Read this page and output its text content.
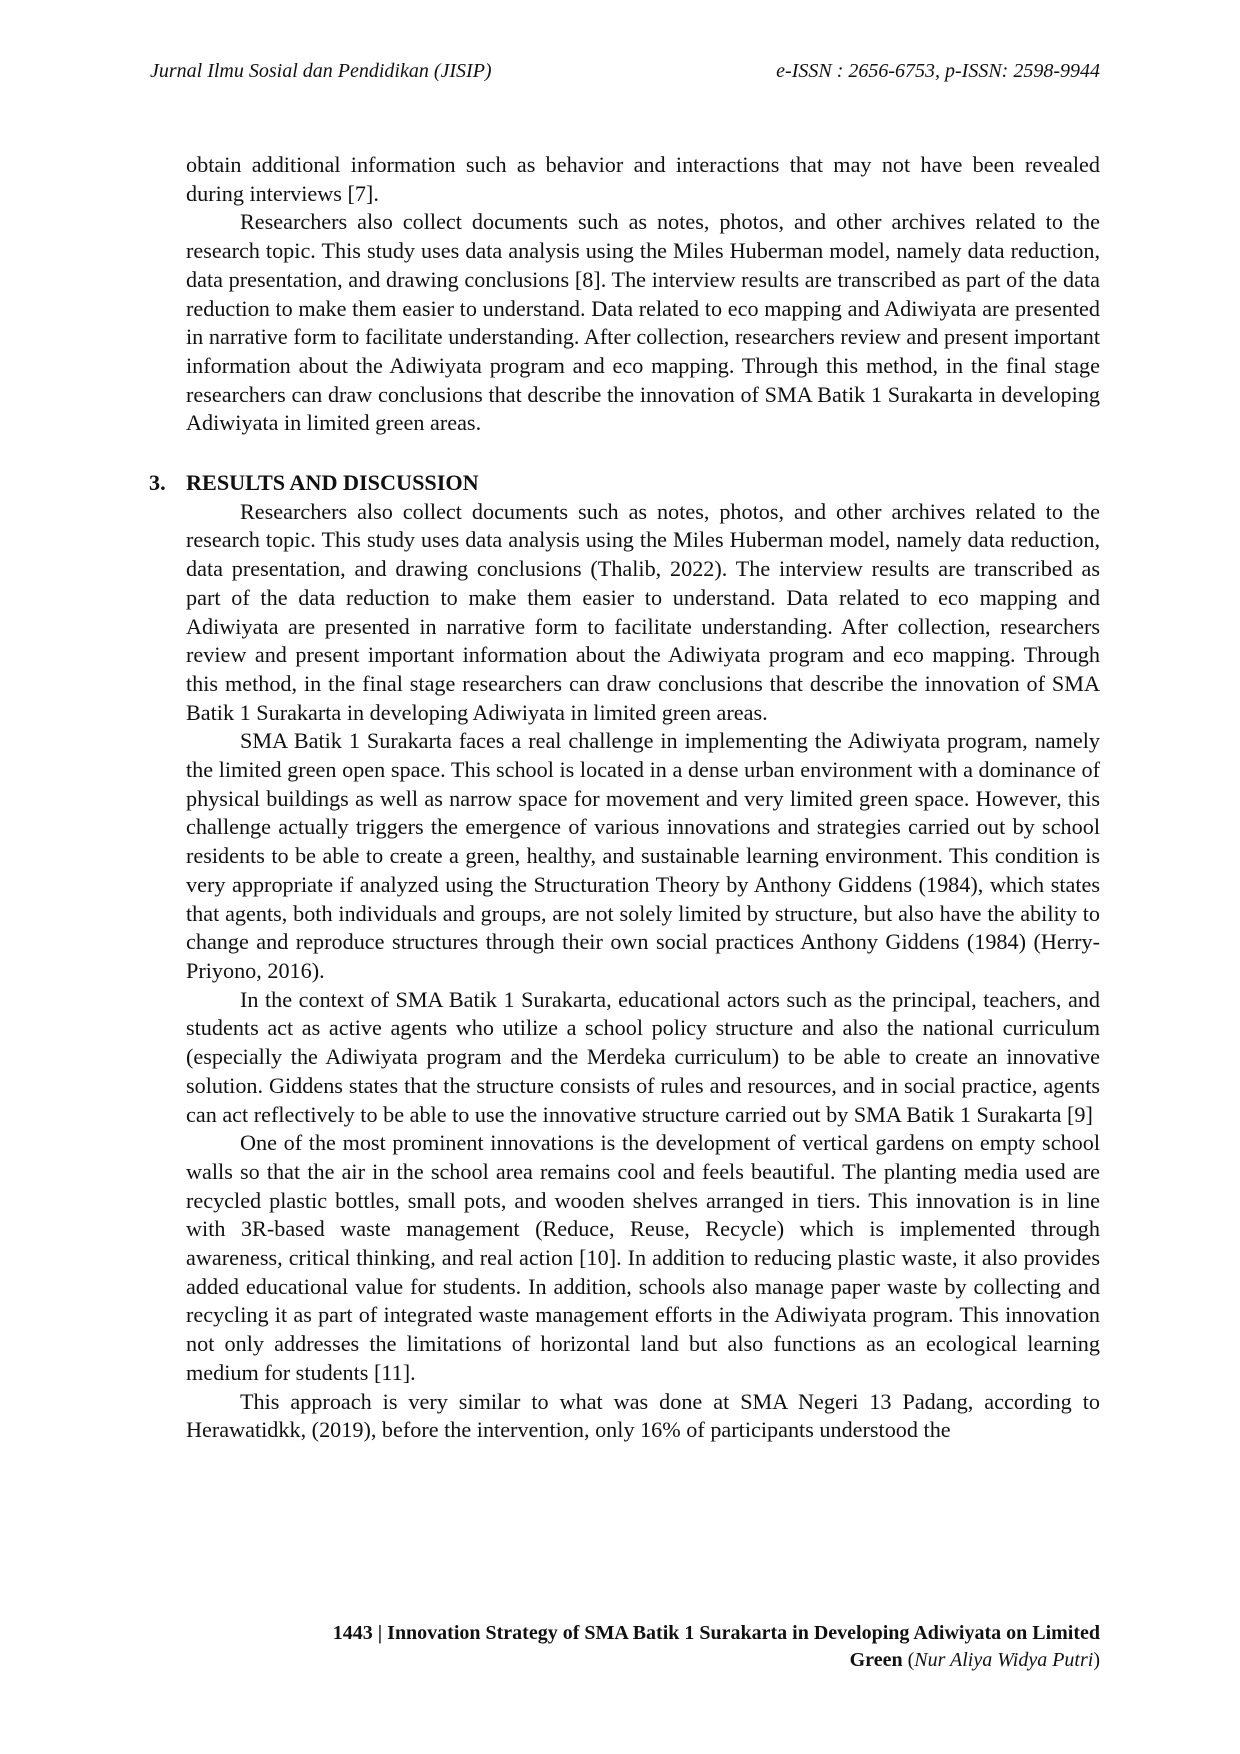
Jurnal Ilmu Sosial dan Pendidikan (JISIP)	e-ISSN : 2656-6753, p-ISSN: 2598-9944

obtain additional information such as behavior and interactions that may not have been revealed during interviews [7].

Researchers also collect documents such as notes, photos, and other archives related to the research topic. This study uses data analysis using the Miles Huberman model, namely data reduction, data presentation, and drawing conclusions [8]. The interview results are transcribed as part of the data reduction to make them easier to understand. Data related to eco mapping and Adiwiyata are presented in narrative form to facilitate understanding. After collection, researchers review and present important information about the Adiwiyata program and eco mapping. Through this method, in the final stage researchers can draw conclusions that describe the innovation of SMA Batik 1 Surakarta in developing Adiwiyata in limited green areas.

3. RESULTS AND DISCUSSION

Researchers also collect documents such as notes, photos, and other archives related to the research topic. This study uses data analysis using the Miles Huberman model, namely data reduction, data presentation, and drawing conclusions (Thalib, 2022). The interview results are transcribed as part of the data reduction to make them easier to understand. Data related to eco mapping and Adiwiyata are presented in narrative form to facilitate understanding. After collection, researchers review and present important information about the Adiwiyata program and eco mapping. Through this method, in the final stage researchers can draw conclusions that describe the innovation of SMA Batik 1 Surakarta in developing Adiwiyata in limited green areas.

SMA Batik 1 Surakarta faces a real challenge in implementing the Adiwiyata program, namely the limited green open space. This school is located in a dense urban environment with a dominance of physical buildings as well as narrow space for movement and very limited green space. However, this challenge actually triggers the emergence of various innovations and strategies carried out by school residents to be able to create a green, healthy, and sustainable learning environment. This condition is very appropriate if analyzed using the Structuration Theory by Anthony Giddens (1984), which states that agents, both individuals and groups, are not solely limited by structure, but also have the ability to change and reproduce structures through their own social practices Anthony Giddens (1984) (Herry-Priyono, 2016).

In the context of SMA Batik 1 Surakarta, educational actors such as the principal, teachers, and students act as active agents who utilize a school policy structure and also the national curriculum (especially the Adiwiyata program and the Merdeka curriculum) to be able to create an innovative solution. Giddens states that the structure consists of rules and resources, and in social practice, agents can act reflectively to be able to use the innovative structure carried out by SMA Batik 1 Surakarta [9]

One of the most prominent innovations is the development of vertical gardens on empty school walls so that the air in the school area remains cool and feels beautiful. The planting media used are recycled plastic bottles, small pots, and wooden shelves arranged in tiers. This innovation is in line with 3R-based waste management (Reduce, Reuse, Recycle) which is implemented through awareness, critical thinking, and real action [10]. In addition to reducing plastic waste, it also provides added educational value for students. In addition, schools also manage paper waste by collecting and recycling it as part of integrated waste management efforts in the Adiwiyata program. This innovation not only addresses the limitations of horizontal land but also functions as an ecological learning medium for students [11].

This approach is very similar to what was done at SMA Negeri 13 Padang, according to Herawatidkk, (2019), before the intervention, only 16% of participants understood the

1443 | Innovation Strategy of SMA Batik 1 Surakarta in Developing Adiwiyata on Limited
Green (Nur Aliya Widya Putri)
